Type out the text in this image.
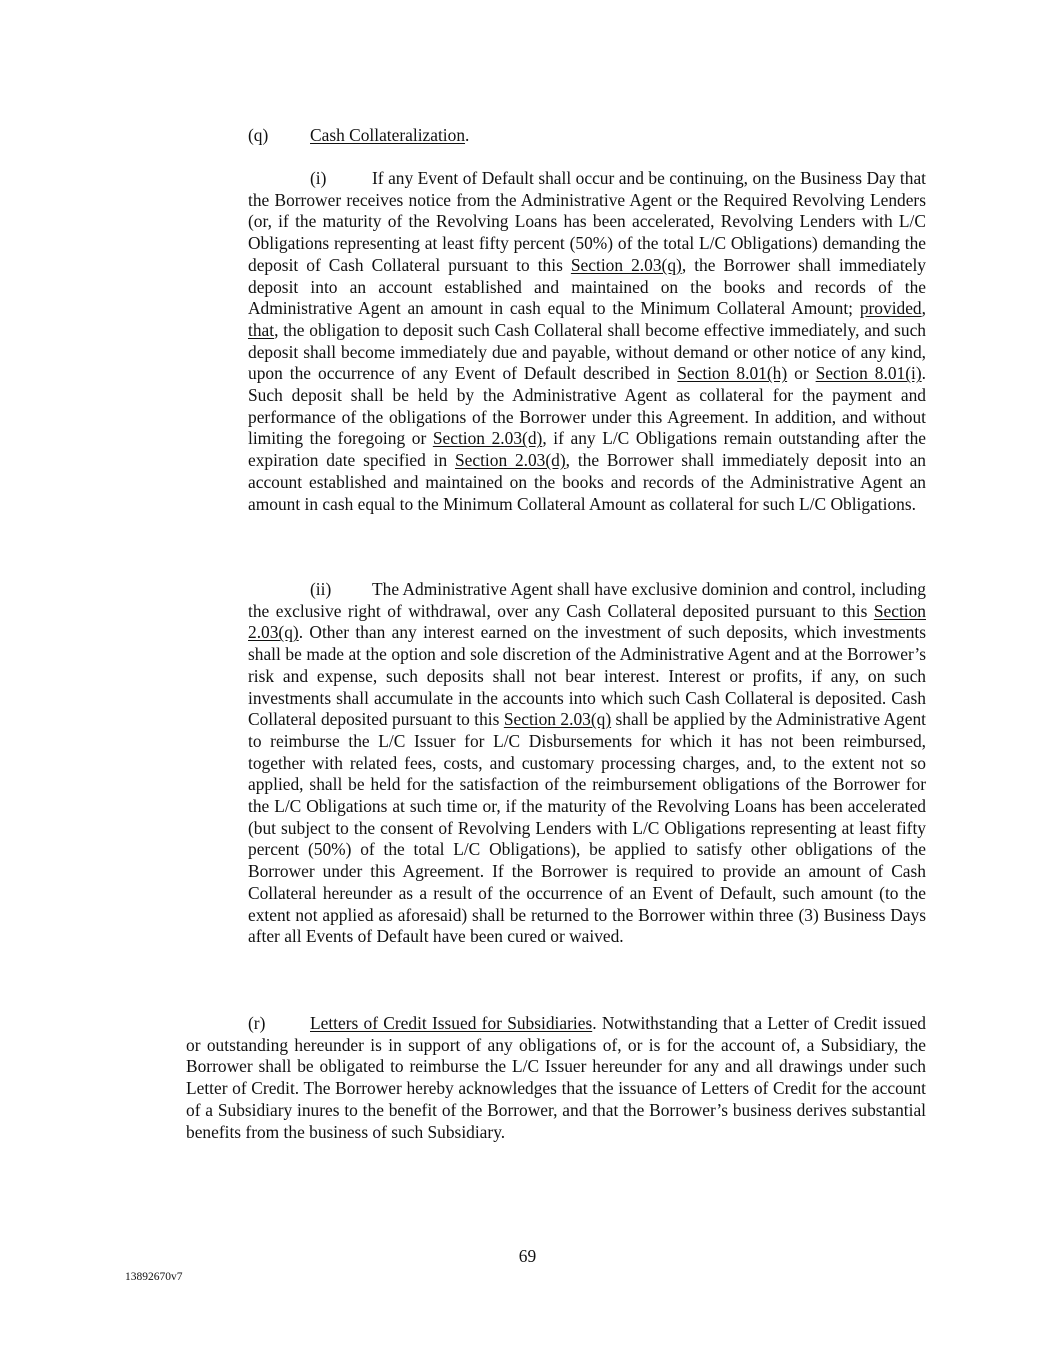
(q) Cash Collateralization.

(i)	If any Event of Default shall occur and be continuing, on the Business Day that the Borrower receives notice from the Administrative Agent or the Required Revolving Lenders (or, if the maturity of the Revolving Loans has been accelerated, Revolving Lenders with L/C Obligations representing at least fifty percent (50%) of the total L/C Obligations) demanding the deposit of Cash Collateral pursuant to this Section 2.03(q), the Borrower shall immediately deposit into an account established and maintained on the books and records of the Administrative Agent an amount in cash equal to the Minimum Collateral Amount; provided, that, the obligation to deposit such Cash Collateral shall become effective immediately, and such deposit shall become immediately due and payable, without demand or other notice of any kind, upon the occurrence of any Event of Default described in Section 8.01(h) or Section 8.01(i). Such deposit shall be held by the Administrative Agent as collateral for the payment and performance of the obligations of the Borrower under this Agreement. In addition, and without limiting the foregoing or Section 2.03(d), if any L/C Obligations remain outstanding after the expiration date specified in Section 2.03(d), the Borrower shall immediately deposit into an account established and maintained on the books and records of the Administrative Agent an amount in cash equal to the Minimum Collateral Amount as collateral for such L/C Obligations.

(ii) The Administrative Agent shall have exclusive dominion and control, including the exclusive right of withdrawal, over any Cash Collateral deposited pursuant to this Section 2.03(q). Other than any interest earned on the investment of such deposits, which investments shall be made at the option and sole discretion of the Administrative Agent and at the Borrower’s risk and expense, such deposits shall not bear interest. Interest or profits, if any, on such investments shall accumulate in the accounts into which such Cash Collateral is deposited. Cash Collateral deposited pursuant to this Section 2.03(q) shall be applied by the Administrative Agent to reimburse the L/C Issuer for L/C Disbursements for which it has not been reimbursed, together with related fees, costs, and customary processing charges, and, to the extent not so applied, shall be held for the satisfaction of the reimbursement obligations of the Borrower for the L/C Obligations at such time or, if the maturity of the Revolving Loans has been accelerated (but subject to the consent of Revolving Lenders with L/C Obligations representing at least fifty percent (50%) of the total L/C Obligations), be applied to satisfy other obligations of the Borrower under this Agreement. If the Borrower is required to provide an amount of Cash Collateral hereunder as a result of the occurrence of an Event of Default, such amount (to the extent not applied as aforesaid) shall be returned to the Borrower within three (3) Business Days after all Events of Default have been cured or waived.

(r)	Letters of Credit Issued for Subsidiaries. Notwithstanding that a Letter of Credit issued or outstanding hereunder is in support of any obligations of, or is for the account of, a Subsidiary, the Borrower shall be obligated to reimburse the L/C Issuer hereunder for any and all drawings under such Letter of Credit. The Borrower hereby acknowledges that the issuance of Letters of Credit for the account of a Subsidiary inures to the benefit of the Borrower, and that the Borrower’s business derives substantial benefits from the business of such Subsidiary.

69
13892670v7
